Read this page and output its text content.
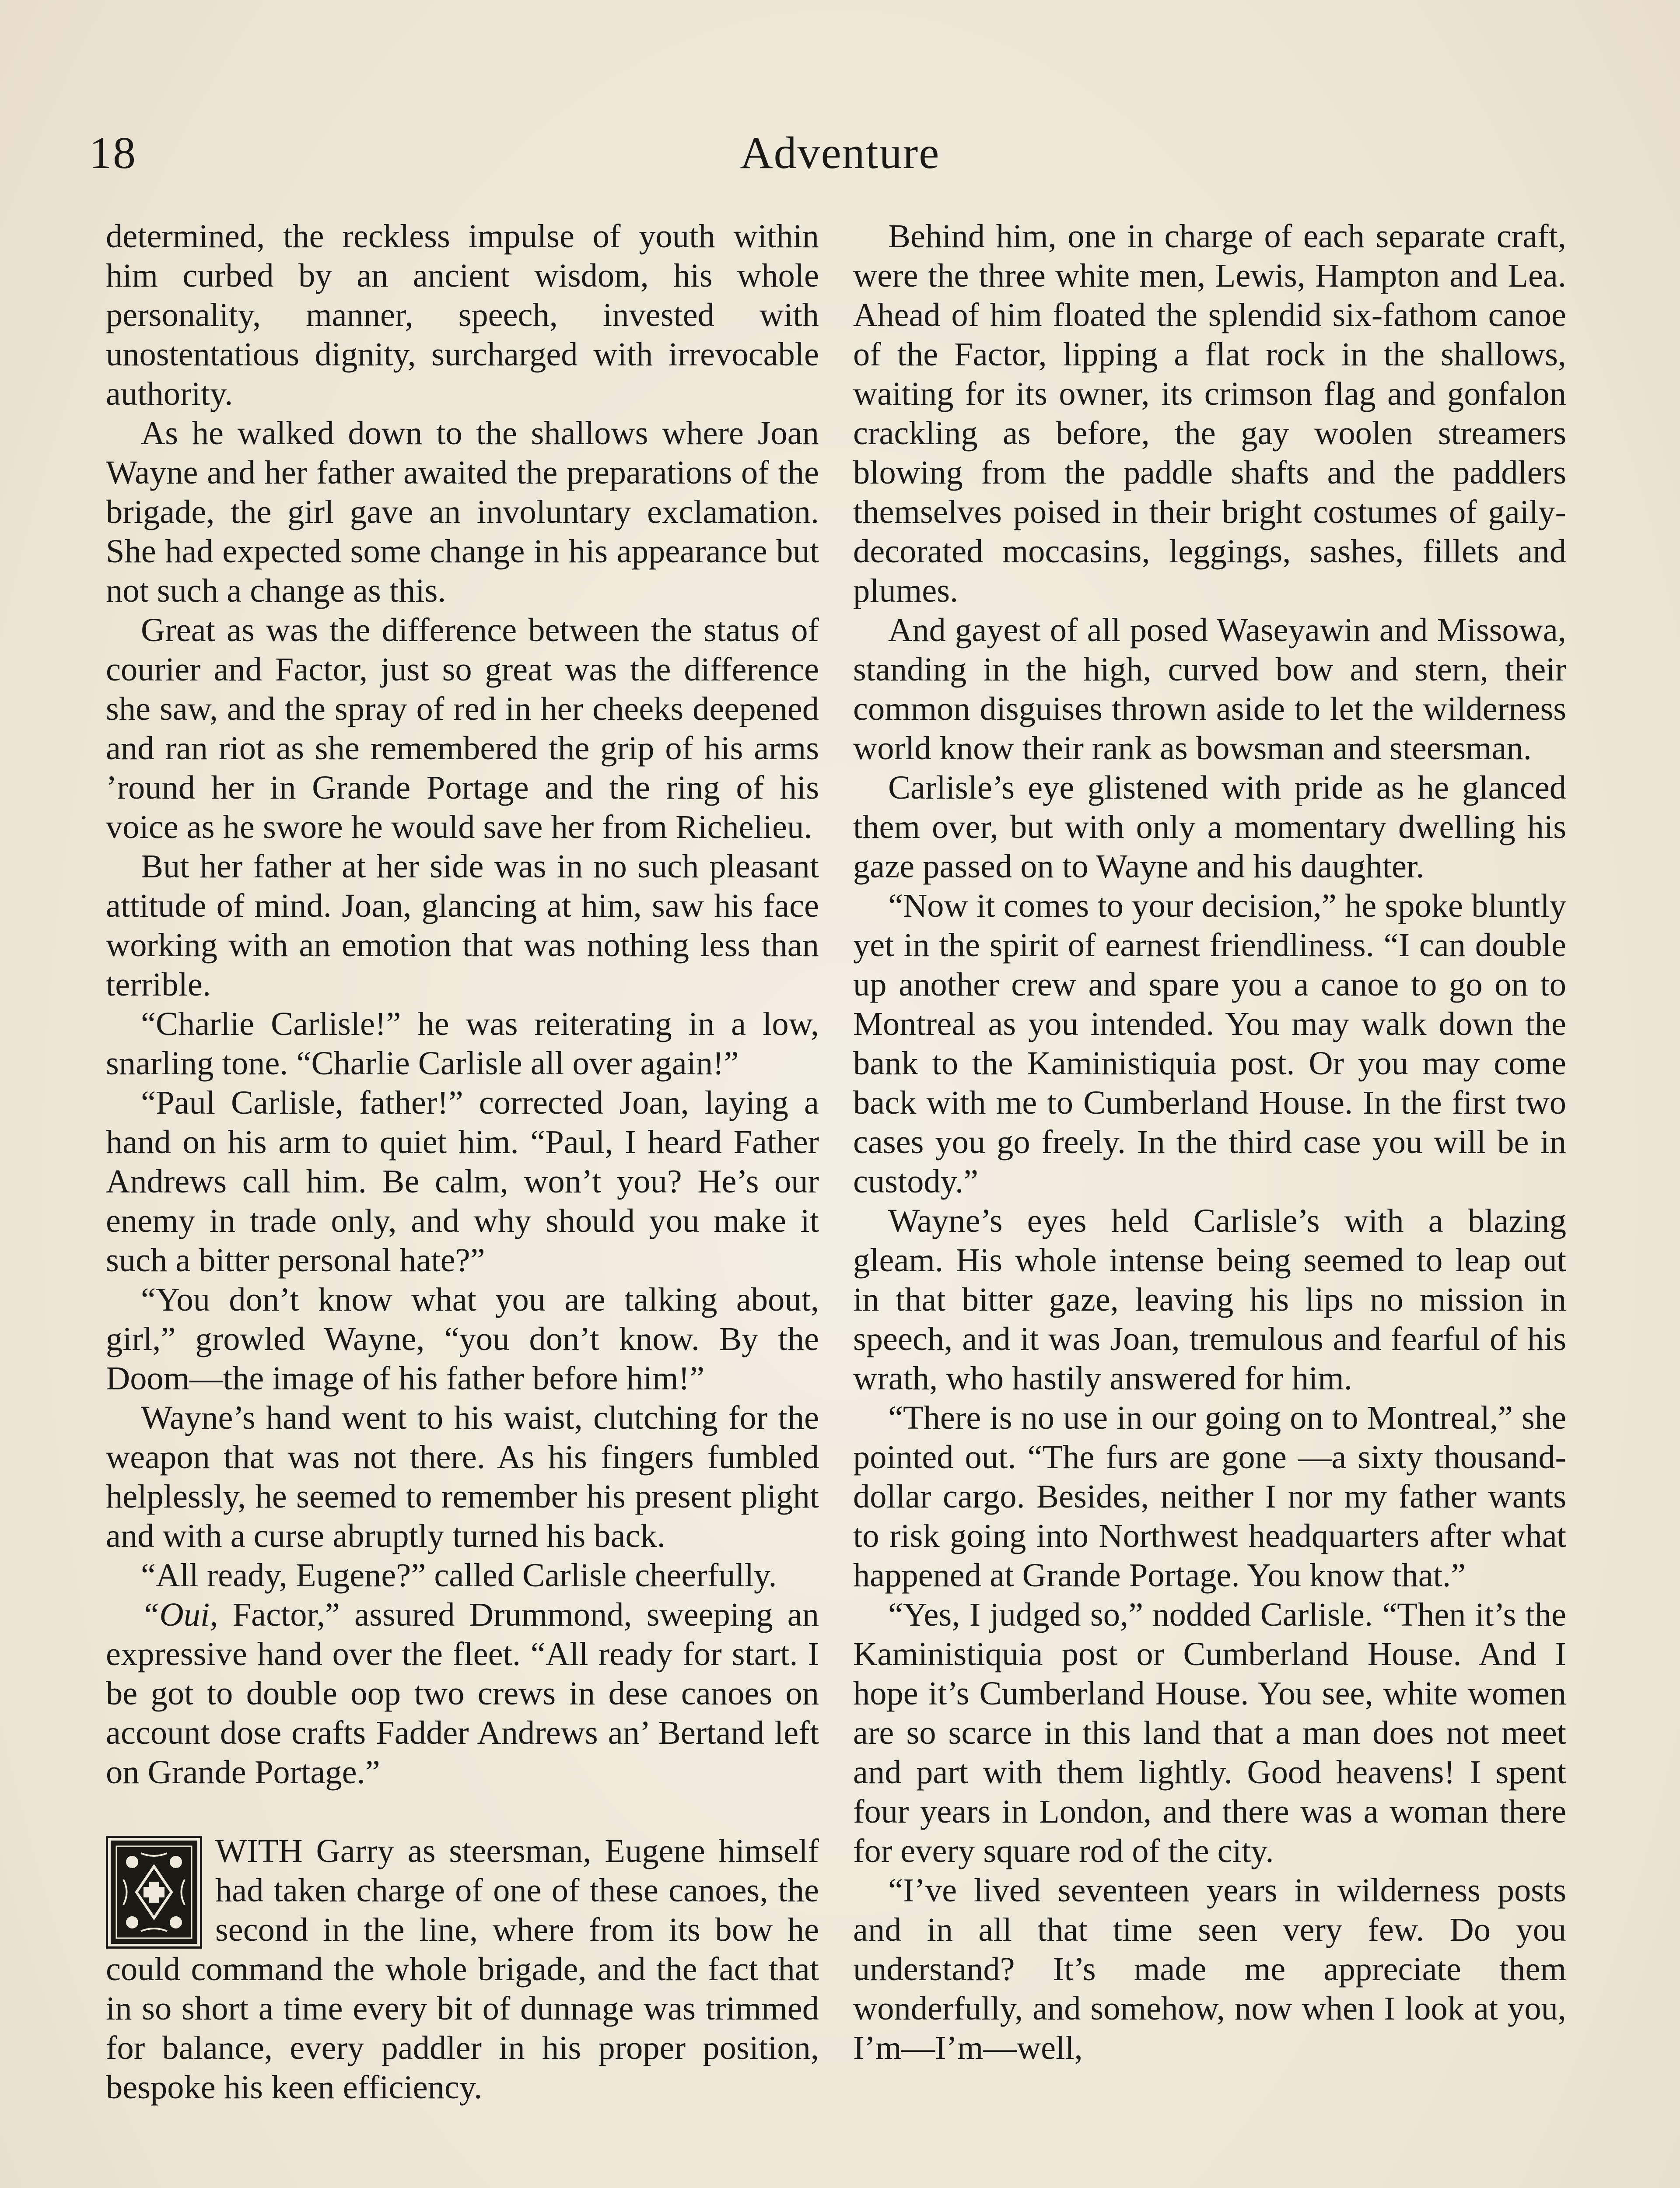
18	Adventure

determined, the reckless impulse of youth within him curbed by an ancient wisdom, his whole personality, manner, speech, invested with unostentatious dignity, surcharged with irrevocable authority.

As he walked down to the shallows where Joan Wayne and her father awaited the preparations of the brigade, the girl gave an involuntary exclamation. She had expected some change in his appearance but not such a change as this.

Great as was the difference between the status of courier and Factor, just so great was the difference she saw, and the spray of red in her cheeks deepened and ran riot as she remembered the grip of his arms ’round her in Grande Portage and the ring of his voice as he swore he would save her from Richelieu.

But her father at her side was in no such pleasant attitude of mind. Joan, glancing at him, saw his face working with an emotion that was nothing less than terrible.

“Charlie Carlisle!” he was reiterating in a low, snarling tone. “Charlie Carlisle all over again!”

“Paul Carlisle, father!” corrected Joan, laying a hand on his arm to quiet him. “Paul, I heard Father Andrews call him. Be calm, won’t you? He’s our enemy in trade only, and why should you make it such a bitter personal hate?”

“You don’t know what you are talking about, girl,” growled Wayne, “you don’t know. By the Doom—the image of his father before him!”

Wayne’s hand went to his waist, clutching for the weapon that was not there. As his fingers fumbled helplessly, he seemed to remember his present plight and with a curse abruptly turned his back.

“All ready, Eugene?” called Carlisle cheerfully.

“Oui, Factor,” assured Drummond, sweeping an expressive hand over the fleet. “All ready for start. I be got to double oop two crews in dese canoes on account dose crafts Fadder Andrews an’ Bertand left on Grande Portage.”

WITH Garry as steersman, Eugene himself had taken charge of one of these canoes, the second in the line, where from its bow he could command the whole brigade, and the fact that in so short a time every bit of dunnage was trimmed for balance, every paddler in his proper position, bespoke his keen efficiency.

Behind him, one in charge of each separate craft, were the three white men, Lewis, Hampton and Lea. Ahead of him floated the splendid six-fathom canoe of the Factor, lipping a flat rock in the shallows, waiting for its owner, its crimson flag and gonfalon crackling as before, the gay woolen streamers blowing from the paddle shafts and the paddlers themselves poised in their bright costumes of gaily-decorated moccasins, leggings, sashes, fillets and plumes.

And gayest of all posed Waseyawin and Missowa, standing in the high, curved bow and stern, their common disguises thrown aside to let the wilderness world know their rank as bowsman and steersman.

Carlisle’s eye glistened with pride as he glanced them over, but with only a momentary dwelling his gaze passed on to Wayne and his daughter.

“Now it comes to your decision,” he spoke bluntly yet in the spirit of earnest friendliness. “I can double up another crew and spare you a canoe to go on to Montreal as you intended. You may walk down the bank to the Kaministiquia post. Or you may come back with me to Cumberland House. In the first two cases you go freely. In the third case you will be in custody.”

Wayne’s eyes held Carlisle’s with a blazing gleam. His whole intense being seemed to leap out in that bitter gaze, leaving his lips no mission in speech, and it was Joan, tremulous and fearful of his wrath, who hastily answered for him.

“There is no use in our going on to Montreal,” she pointed out. “The furs are gone —a sixty thousand-dollar cargo. Besides, neither I nor my father wants to risk going into Northwest headquarters after what happened at Grande Portage. You know that.”

“Yes, I judged so,” nodded Carlisle. “Then it’s the Kaministiquia post or Cumberland House. And I hope it’s Cumberland House. You see, white women are so scarce in this land that a man does not meet and part with them lightly. Good heavens! I spent four years in London, and there was a woman there for every square rod of the city.

“I’ve lived seventeen years in wilderness posts and in all that time seen very few. Do you understand? It’s made me appreciate them wonderfully, and somehow, now when I look at you, I’m—I’m—well,
